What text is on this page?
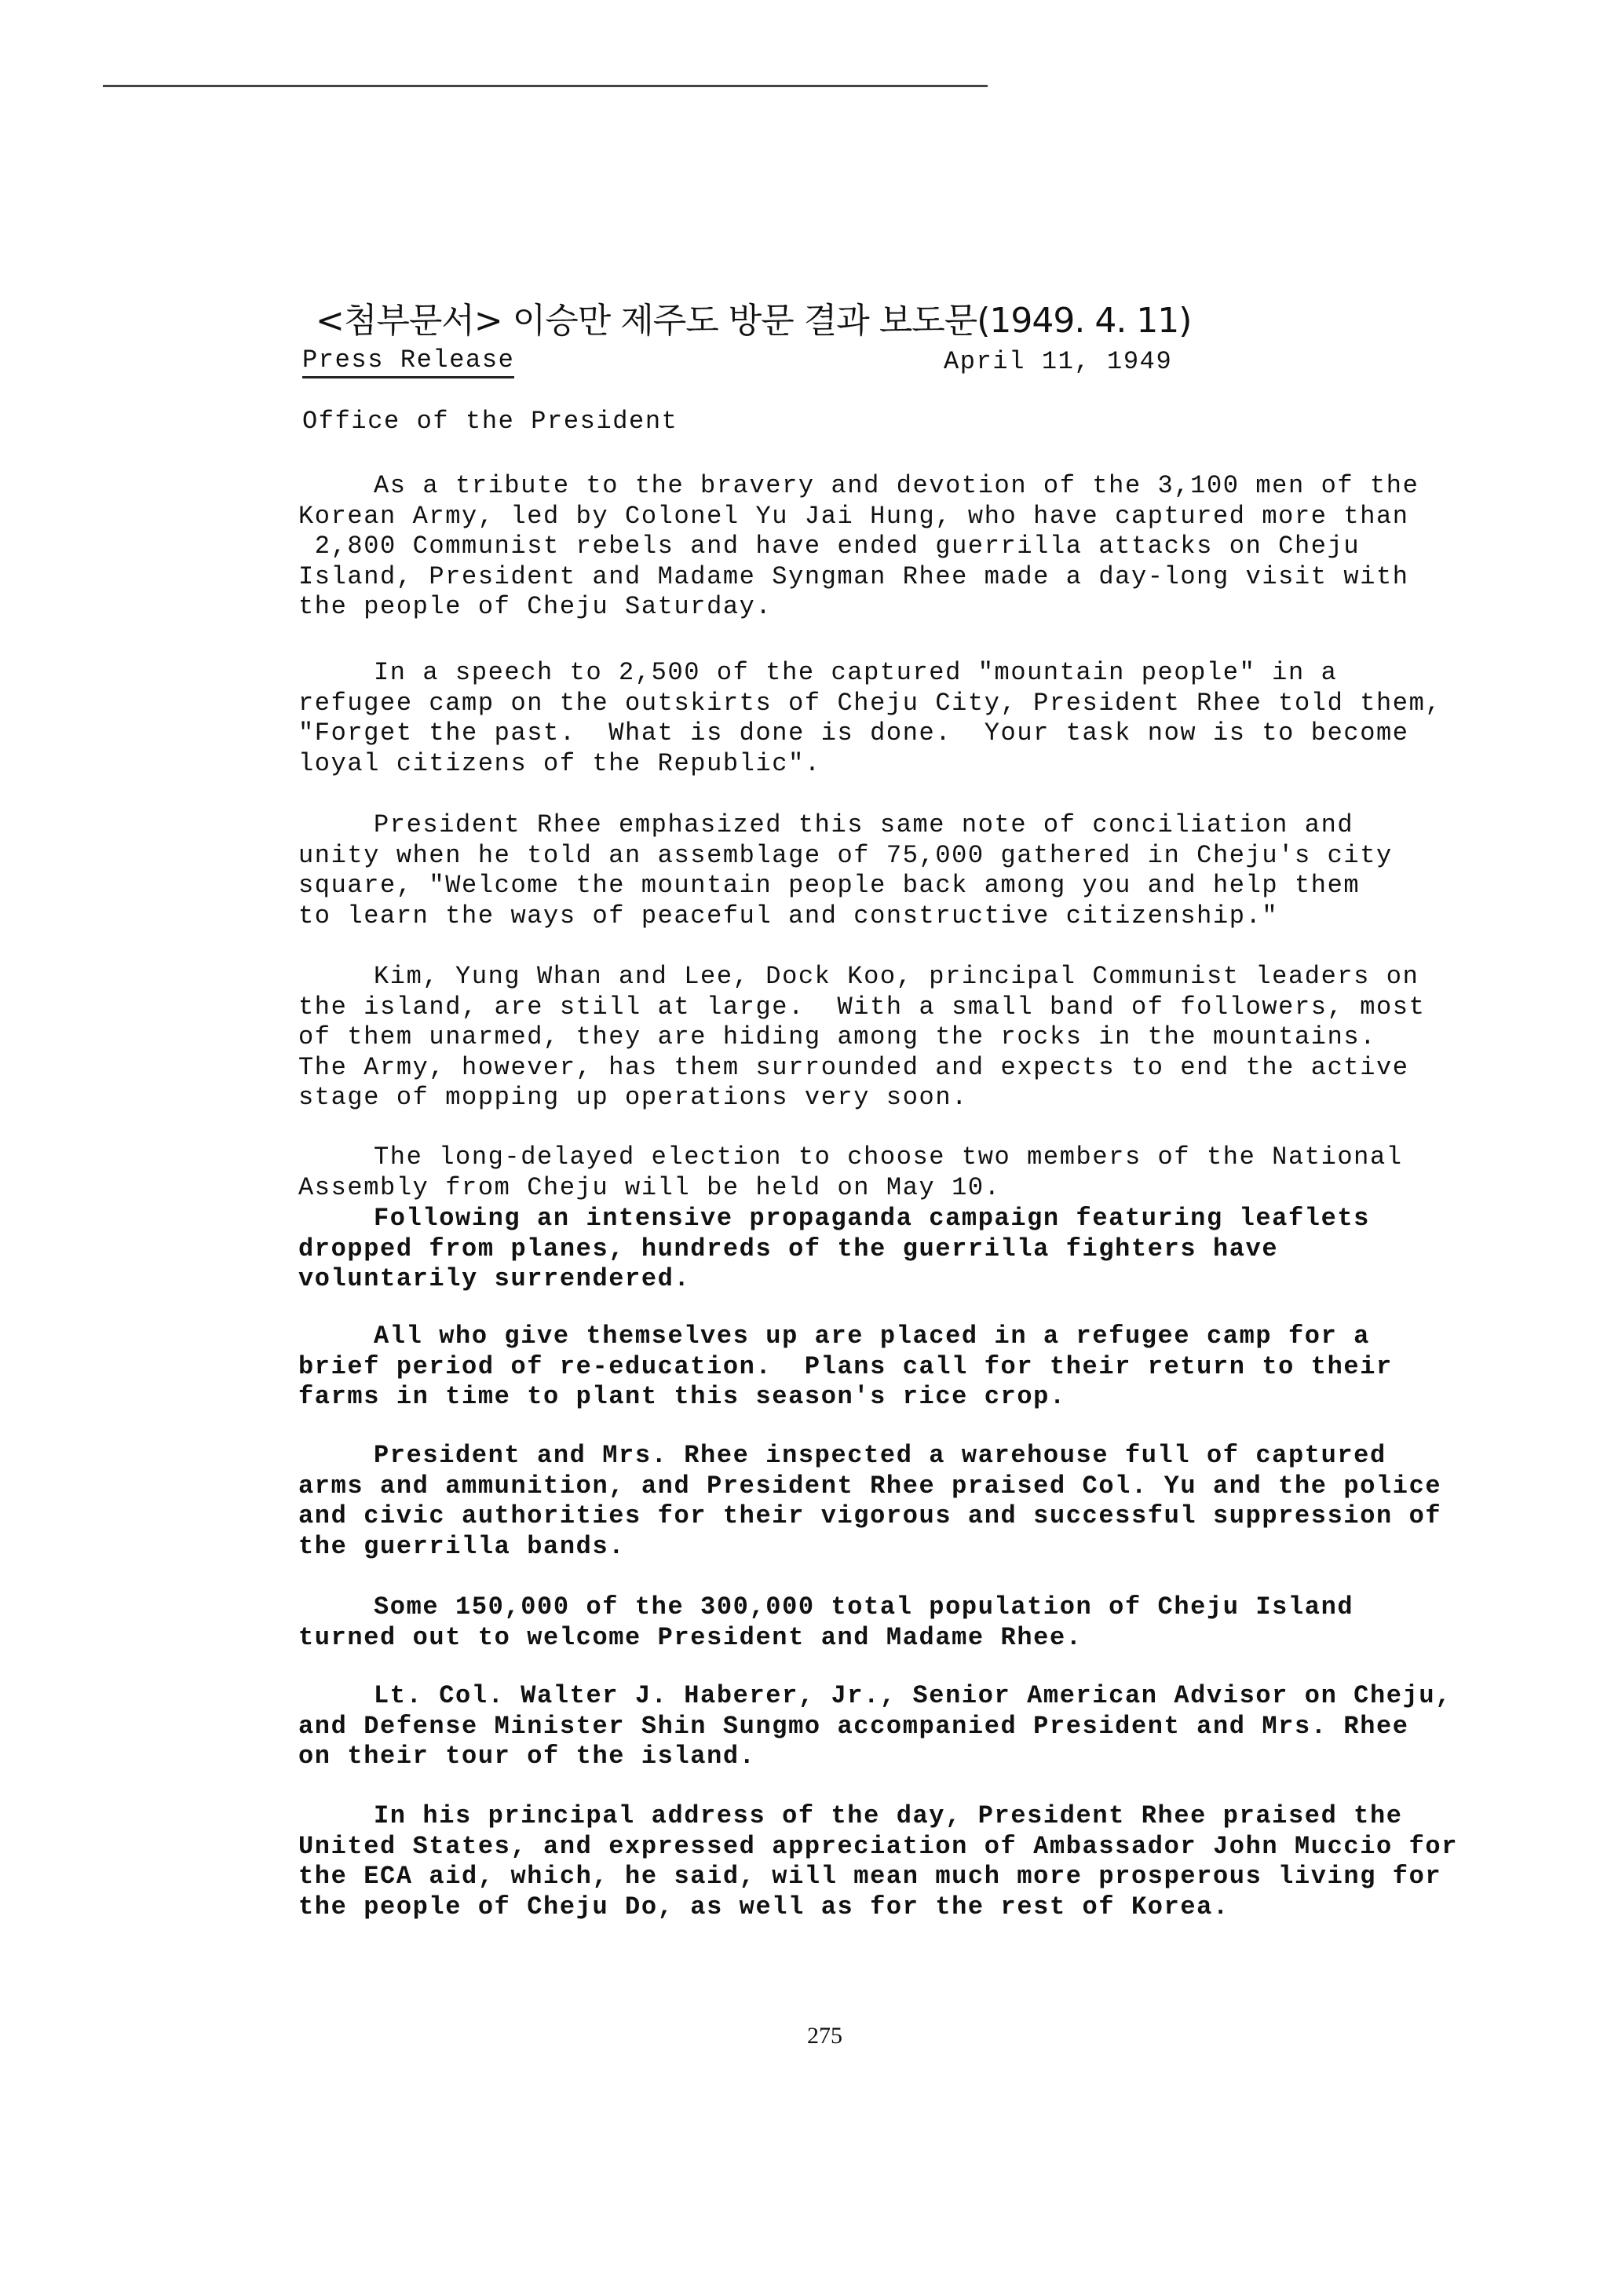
<첨부문서> 이승만 제주도 방문 결과 보도문(1949. 4. 11)
Press Release	April 11, 1949
Office of the President
As a tribute to the bravery and devotion of the 3,100 men of the
Korean Army, led by Colonel Yu Jai Hung, who have captured more than
2,800 Communist rebels and have ended guerrilla attacks on Cheju
Island, President and Madame Syngman Rhee made a day-long visit with
the people of Cheju Saturday.
In a speech to 2,500 of the captured "mountain people" in a
refugee camp on the outskirts of Cheju City, President Rhee told them,
"Forget the past.  What is done is done.  Your task now is to become
loyal citizens of the Republic".
President Rhee emphasized this same note of conciliation and
unity when he told an assemblage of 75,000 gathered in Cheju's city
square, "Welcome the mountain people back among you and help them
to learn the ways of peaceful and constructive citizenship."
Kim, Yung Whan and Lee, Dock Koo, principal Communist leaders on
the island, are still at large.  With a small band of followers, most
of them unarmed, they are hiding among the rocks in the mountains.
The Army, however, has them surrounded and expects to end the active
stage of mopping up operations very soon.
The long-delayed election to choose two members of the National
Assembly from Cheju will be held on May 10.
Following an intensive propaganda campaign featuring leaflets
dropped from planes, hundreds of the guerrilla fighters have
voluntarily surrendered.
All who give themselves up are placed in a refugee camp for a
brief period of re-education.  Plans call for their return to their
farms in time to plant this season's rice crop.
President and Mrs. Rhee inspected a warehouse full of captured
arms and ammunition, and President Rhee praised Col. Yu and the police
and civic authorities for their vigorous and successful suppression of
the guerrilla bands.
Some 150,000 of the 300,000 total population of Cheju Island
turned out to welcome President and Madame Rhee.
Lt. Col. Walter J. Haberer, Jr., Senior American Advisor on Cheju,
and Defense Minister Shin Sungmo accompanied President and Mrs. Rhee
on their tour of the island.
In his principal address of the day, President Rhee praised the
United States, and expressed appreciation of Ambassador John Muccio for
the ECA aid, which, he said, will mean much more prosperous living for
the people of Cheju Do, as well as for the rest of Korea.
275
